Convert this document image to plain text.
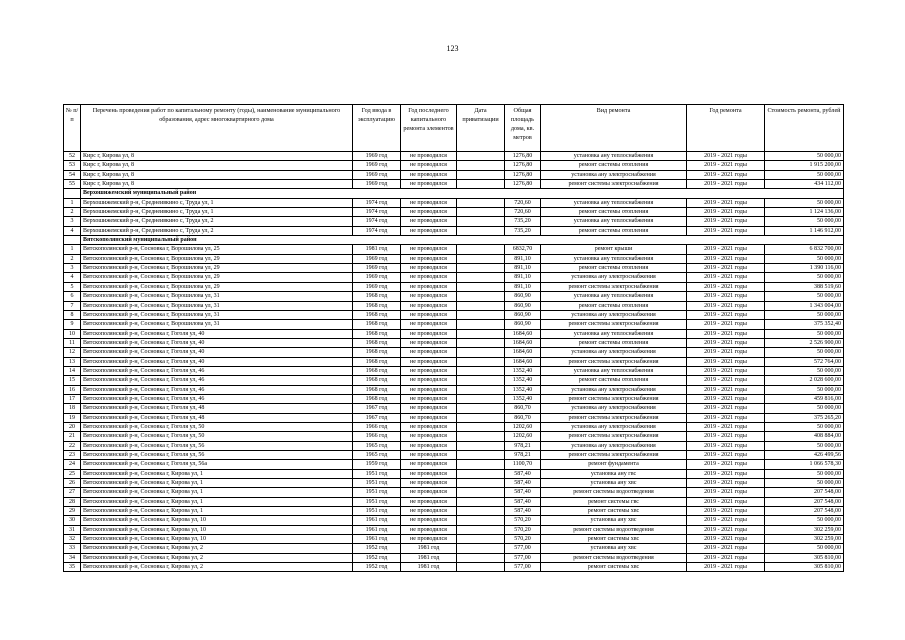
123
№ п/п	Перечень проведения работ по капитальному ремонту (годы), наименование муниципального образования, адрес многоквартирного дома	Год ввода в эксплуатацию	Год последнего капитального ремонта элементов	Дата приватизации	Общая площадь дома, кв. метров	Вид ремонта	Год ремонта	Стоимость ремонта, рублей
52	Кирс г, Кирова ул, 8	1969 год	не проводился		1276,80	установка ану теплоснабжения	2019 - 2021 годы	50 000,00
53	Кирс г, Кирова ул, 8	1969 год	не проводился		1276,80	ремонт системы отопления	2019 - 2021 годы	1 915 200,00
54	Кирс г, Кирова ул, 8	1969 год	не проводился		1276,80	установка ану электроснабжения	2019 - 2021 годы	50 000,00
55	Кирс г, Кирова ул, 8	1969 год	не проводился		1276,80	ремонт системы электроснабжения	2019 - 2021 годы	434 112,00
	Верхошижемский муниципальный район							
1	Верхошижемский р-н, Среднеивкино с, Труда ул, 1	1974 год	не проводился		720,60	установка ану теплоснабжения	2019 - 2021 годы	50 000,00
2	Верхошижемский р-н, Среднеивкино с, Труда ул, 1	1974 год	не проводился		720,60	ремонт системы отопления	2019 - 2021 годы	1 124 136,00
3	Верхошижемский р-н, Среднеивкино с, Труда ул, 2	1974 год	не проводился		735,20	установка ану теплоснабжения	2019 - 2021 годы	50 000,00
4	Верхошижемский р-н, Среднеивкино с, Труда ул, 2	1974 год	не проводился		735,20	ремонт системы отопления	2019 - 2021 годы	1 146 912,00
	Вятскополянский муниципальный район							
1	Вятскополянский р-н, Сосновка г, Ворошилова ул, 25	1981 год	не проводился		6832,70	ремонт крыши	2019 - 2021 годы	6 832 700,00
2	Вятскополянский р-н, Сосновка г, Ворошилова ул, 29	1969 год	не проводился		891,10	установка ану теплоснабжения	2019 - 2021 годы	50 000,00
3	Вятскополянский р-н, Сосновка г, Ворошилова ул, 29	1969 год	не проводился		891,10	ремонт системы отопления	2019 - 2021 годы	1 390 116,00
4	Вятскополянский р-н, Сосновка г, Ворошилова ул, 29	1969 год	не проводился		891,10	установка ану электроснабжения	2019 - 2021 годы	50 000,00
5	Вятскополянский р-н, Сосновка г, Ворошилова ул, 29	1969 год	не проводился		891,10	ремонт системы электроснабжения	2019 - 2021 годы	388 519,60
6	Вятскополянский р-н, Сосновка г, Ворошилова ул, 31	1968 год	не проводился		860,90	установка ану теплоснабжения	2019 - 2021 годы	50 000,00
7	Вятскополянский р-н, Сосновка г, Ворошилова ул, 31	1968 год	не проводился		860,90	ремонт системы отопления	2019 - 2021 годы	1 343 004,00
8	Вятскополянский р-н, Сосновка г, Ворошилова ул, 31	1968 год	не проводился		860,90	установка ану электроснабжения	2019 - 2021 годы	50 000,00
9	Вятскополянский р-н, Сосновка г, Ворошилова ул, 31	1968 год	не проводился		860,90	ремонт системы электроснабжения	2019 - 2021 годы	375 352,40
10	Вятскополянский р-н, Сосновка г, Гоголя ул, 40	1968 год	не проводился		1684,60	установка ану теплоснабжения	2019 - 2021 годы	50 000,00
11	Вятскополянский р-н, Сосновка г, Гоголя ул, 40	1968 год	не проводился		1684,60	ремонт системы отопления	2019 - 2021 годы	2 526 900,00
12	Вятскополянский р-н, Сосновка г, Гоголя ул, 40	1968 год	не проводился		1684,60	установка ану электроснабжения	2019 - 2021 годы	50 000,00
13	Вятскополянский р-н, Сосновка г, Гоголя ул, 40	1968 год	не проводился		1684,60	ремонт системы электроснабжения	2019 - 2021 годы	572 764,00
14	Вятскополянский р-н, Сосновка г, Гоголя ул, 46	1968 год	не проводился		1352,40	установка ану теплоснабжения	2019 - 2021 годы	50 000,00
15	Вятскополянский р-н, Сосновка г, Гоголя ул, 46	1968 год	не проводился		1352,40	ремонт системы отопления	2019 - 2021 годы	2 028 600,00
16	Вятскополянский р-н, Сосновка г, Гоголя ул, 46	1968 год	не проводился		1352,40	установка ану электроснабжения	2019 - 2021 годы	50 000,00
17	Вятскополянский р-н, Сосновка г, Гоголя ул, 46	1968 год	не проводился		1352,40	ремонт системы электроснабжения	2019 - 2021 годы	459 816,00
18	Вятскополянский р-н, Сосновка г, Гоголя ул, 48	1967 год	не проводился		860,70	установка ану электроснабжения	2019 - 2021 годы	50 000,00
19	Вятскополянский р-н, Сосновка г, Гоголя ул, 48	1967 год	не проводился		860,70	ремонт системы электроснабжения	2019 - 2021 годы	375 265,20
20	Вятскополянский р-н, Сосновка г, Гоголя ул, 50	1966 год	не проводился		1202,60	установка ану электроснабжения	2019 - 2021 годы	50 000,00
21	Вятскополянский р-н, Сосновка г, Гоголя ул, 50	1966 год	не проводился		1202,60	ремонт системы электроснабжения	2019 - 2021 годы	408 884,00
22	Вятскополянский р-н, Сосновка г, Гоголя ул, 56	1965 год	не проводился		978,21	установка ану электроснабжения	2019 - 2021 годы	50 000,00
23	Вятскополянский р-н, Сосновка г, Гоголя ул, 56	1965 год	не проводился		978,21	ремонт системы электроснабжения	2019 - 2021 годы	426 499,56
24	Вятскополянский р-н, Сосновка г, Гоголя ул, 56а	1959 год	не проводился		1100,70	ремонт фундамента	2019 - 2021 годы	1 066 578,30
25	Вятскополянский р-н, Сосновка г, Кирова ул, 1	1951 год	не проводился		587,40	установка ану гвс	2019 - 2021 годы	50 000,00
26	Вятскополянский р-н, Сосновка г, Кирова ул, 1	1951 год	не проводился		587,40	установка ану хвс	2019 - 2021 годы	50 000,00
27	Вятскополянский р-н, Сосновка г, Кирова ул, 1	1951 год	не проводился		587,40	ремонт системы водоотведения	2019 - 2021 годы	207 548,00
28	Вятскополянский р-н, Сосновка г, Кирова ул, 1	1951 год	не проводился		587,40	ремонт системы гвс	2019 - 2021 годы	207 548,00
29	Вятскополянский р-н, Сосновка г, Кирова ул, 1	1951 год	не проводился		587,40	ремонт системы хвс	2019 - 2021 годы	207 548,00
30	Вятскополянский р-н, Сосновка г, Кирова ул, 10	1961 год	не проводился		570,20	установка ану хвс	2019 - 2021 годы	50 000,00
31	Вятскополянский р-н, Сосновка г, Кирова ул, 10	1961 год	не проводился		570,20	ремонт системы водоотведения	2019 - 2021 годы	302 259,00
32	Вятскополянский р-н, Сосновка г, Кирова ул, 10	1961 год	не проводился		570,20	ремонт системы хвс	2019 - 2021 годы	302 259,00
33	Вятскополянский р-н, Сосновка г, Кирова ул, 2	1952 год	1981 год		577,00	установка ану хвс	2019 - 2021 годы	50 000,00
34	Вятскополянский р-н, Сосновка г, Кирова ул, 2	1952 год	1981 год		577,00	ремонт системы водоотведения	2019 - 2021 годы	305 810,00
35	Вятскополянский р-н, Сосновка г, Кирова ул, 2	1952 год	1981 год		577,00	ремонт системы хвс	2019 - 2021 годы	305 810,00
